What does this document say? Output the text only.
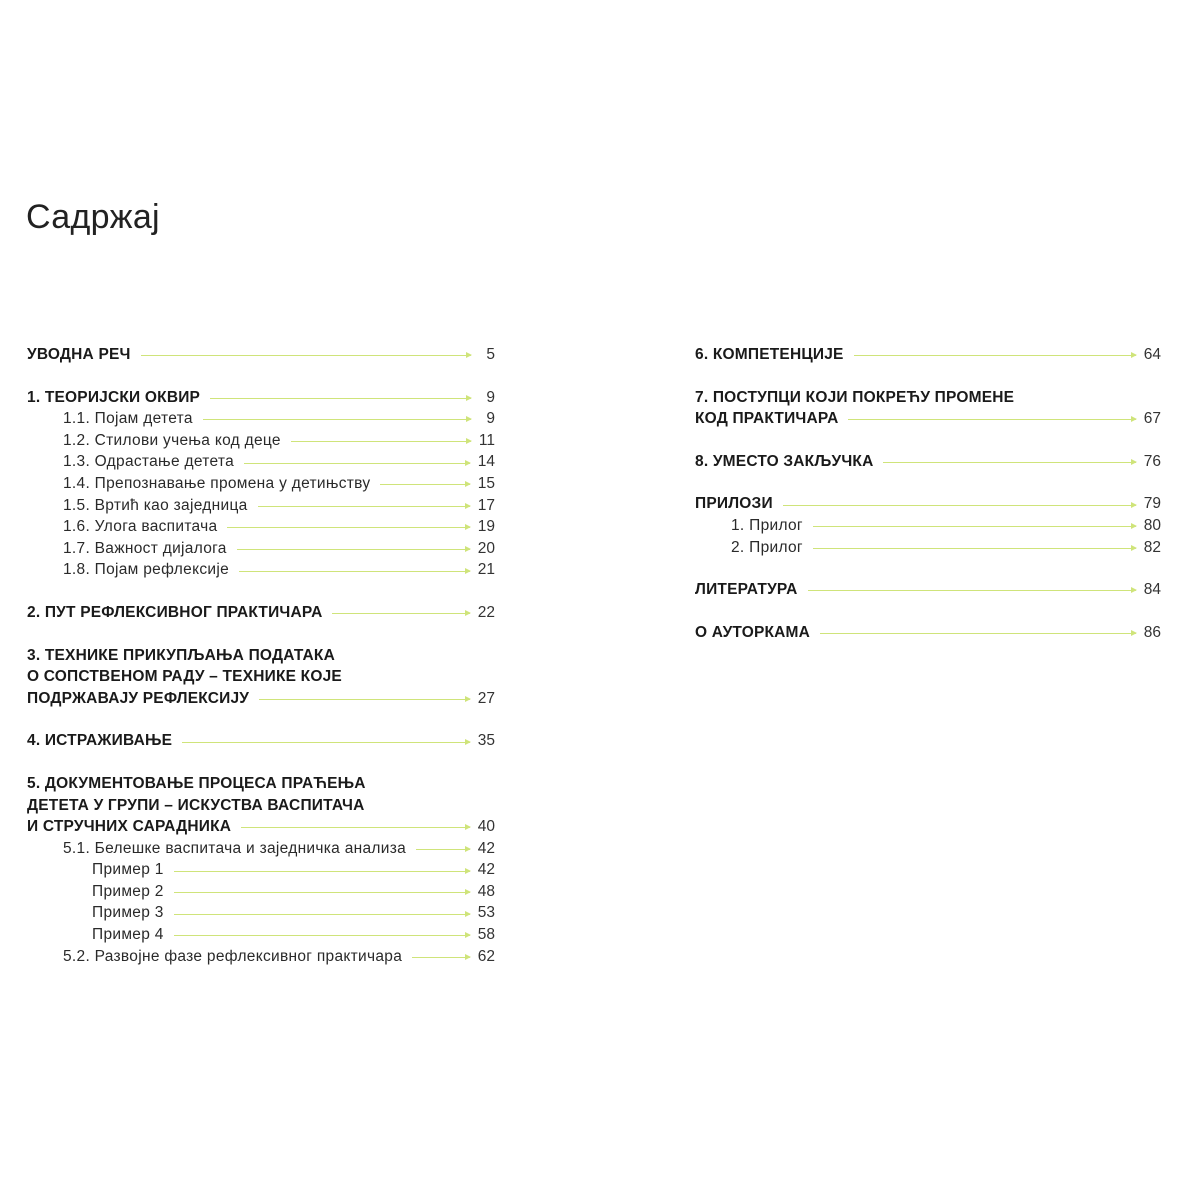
Садржај
УВОДНА РЕЧ	5
1. ТЕОРИЈСКИ ОКВИР	9
1.1. Појам детета	9
1.2. Стилови учења код деце	11
1.3. Одрастање детета	14
1.4. Препознавање промена у детињству	15
1.5. Вртић као заједница	17
1.6. Улога васпитача	19
1.7. Важност дијалога	20
1.8. Појам рефлексије	21
2. ПУТ РЕФЛЕКСИВНОГ ПРАКТИЧАРА	22
3. ТЕХНИКЕ ПРИКУПЉАЊА ПОДАТАКА
О СОПСТВЕНОМ РАДУ – ТЕХНИКЕ КОЈЕ
ПОДРЖАВАЈУ РЕФЛЕКСИЈУ	27
4. ИСТРАЖИВАЊЕ	35
5. ДОКУМЕНТОВАЊЕ ПРОЦЕСА ПРАЋЕЊА
ДЕТЕТА У ГРУПИ – ИСКУСТВА ВАСПИТАЧА
И СТРУЧНИХ САРАДНИКА	40
5.1. Белешке васпитача и заједничка анализа	42
Пример 1	42
Пример 2	48
Пример 3	53
Пример 4	58
5.2. Развојне фазе рефлексивног практичара	62
6. КОМПЕТЕНЦИЈЕ	64
7. ПОСТУПЦИ КОЈИ ПОКРЕЋУ ПРОМЕНЕ
КОД ПРАКТИЧАРА	67
8. УМЕСТО ЗАКЉУЧКА	76
ПРИЛОЗИ	79
1. Прилог	80
2. Прилог	82
ЛИТЕРАТУРА	84
О АУТОРКАМА	86
